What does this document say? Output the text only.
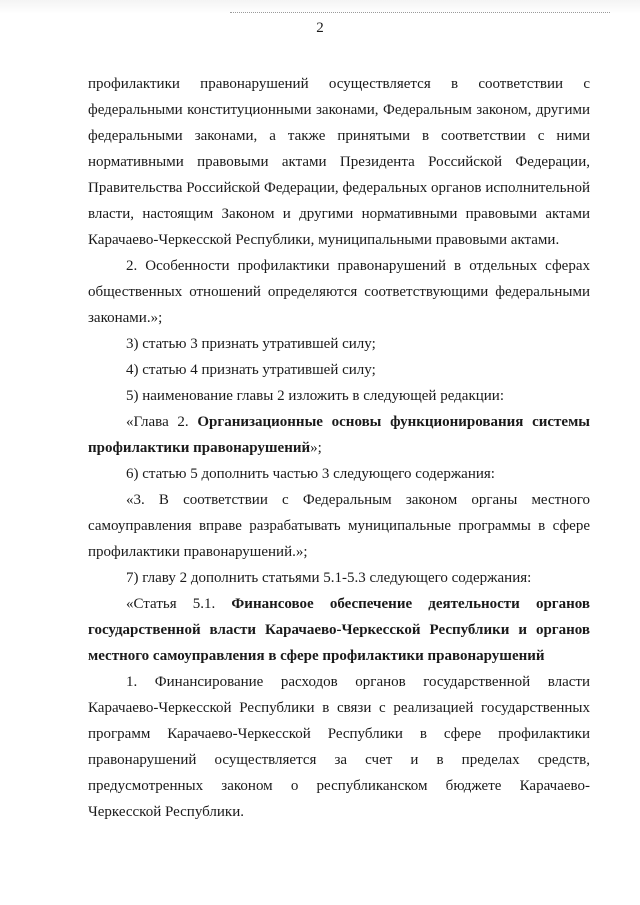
2

профилактики правонарушений осуществляется в соответствии с федеральными конституционными законами, Федеральным законом, другими федеральными законами, а также принятыми в соответствии с ними нормативными правовыми актами Президента Российской Федерации, Правительства Российской Федерации, федеральных органов исполнительной власти, настоящим Законом и другими нормативными правовыми актами Карачаево-Черкесской Республики, муниципальными правовыми актами.

2. Особенности профилактики правонарушений в отдельных сферах общественных отношений определяются соответствующими федеральными законами.»;

3) статью 3 признать утратившей силу;

4) статью 4 признать утратившей силу;

5) наименование главы 2 изложить в следующей редакции:

«Глава 2. Организационные основы функционирования системы профилактики правонарушений»;

6) статью 5 дополнить частью 3 следующего содержания:

«3. В соответствии с Федеральным законом органы местного самоуправления вправе разрабатывать муниципальные программы в сфере профилактики правонарушений.»;

7) главу 2 дополнить статьями 5.1-5.3 следующего содержания:

«Статья 5.1. Финансовое обеспечение деятельности органов государственной власти Карачаево-Черкесской Республики и органов местного самоуправления в сфере профилактики правонарушений

1. Финансирование расходов органов государственной власти Карачаево-Черкесской Республики в связи с реализацией государственных программ Карачаево-Черкесской Республики в сфере профилактики правонарушений осуществляется за счет и в пределах средств, предусмотренных законом о республиканском бюджете Карачаево-Черкесской Республики.
